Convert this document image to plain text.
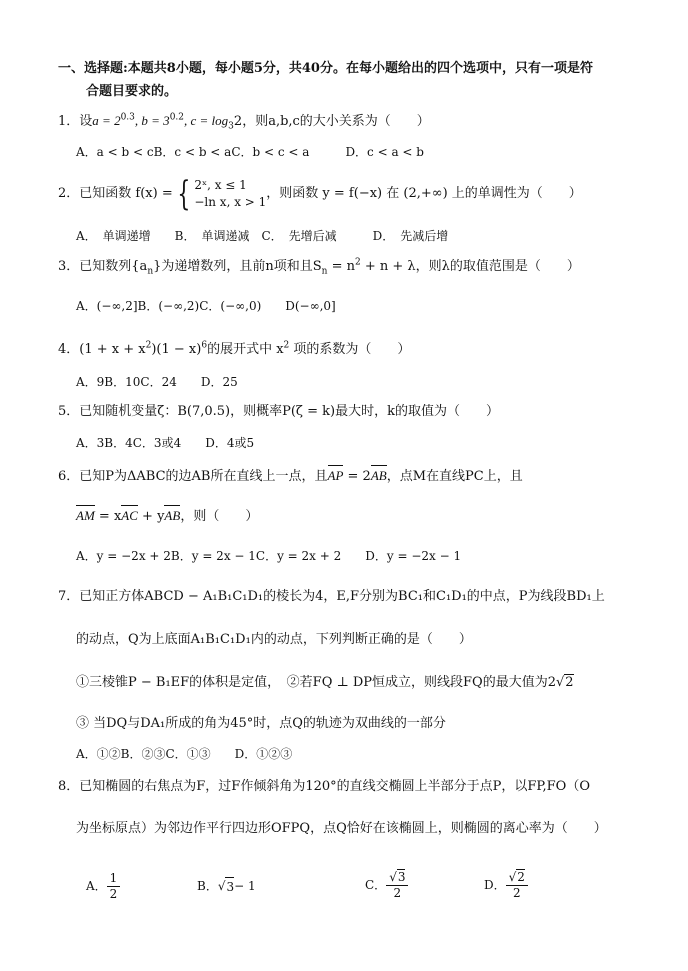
一、选择题:本题共8小题，每小题5分，共40分。在每小题给出的四个选项中，只有一项是符
合题目要求的。
1．设$a = 2^{0.3}$, $b = 3^{0.2}$, $c = \log_32$，则a,b,c的大小关系为（　　）
A．a < b < cB．c < b < aC．b < c < a　　　D．c < a < b
2． 已知函数 f(x) = { 2ˣ, x ≤ 1
−ln x, x > 1
，则函数 y = f(−x) 在 (2,+∞) 上的单调性为（　　）
A．　单调递增　　B．　单调递减　C．　先增后减　　　D．　先减后增
3．已知数列$\{a_n\}$为递增数列，且前n项和且$S_n = n^2 + n + \lambda$，则λ的取值范围是（　　）
A．(−∞,2]B．(−∞,2)C．(−∞,0)　　D(−∞,0]
4．$(1 + x + x^2)(1 - x)^6$的展开式中 $x^2$ 项的系数为（　　）
A．9B．10C．24　　D．25
5．已知随机变量ζ：B(7,0.5)，则概率P(ζ = k)最大时，k的取值为（　　）
A．3B．4C．3或4　　D．4或5
6．已知P为ΔABC的边AB所在直线上一点，且AP = 2AB，点M在直线PC上，且
AM = xAC + yAB，则（　　）
A．y = −2x + 2B．y = 2x − 1C．y = 2x + 2　　D．y = −2x − 1
7．已知正方体ABCD − A₁B₁C₁D₁的棱长为4，E,F分别为BC₁和C₁D₁的中点，P为线段BD₁上
的动点，Q为上底面A₁B₁C₁D₁内的动点，下列判断正确的是（　　）
①三棱锥P − B₁EF的体积是定值，　②若FQ ⊥ DP恒成立，则线段FQ的最大值为2√2
③ 当DQ与DA₁所成的角为45°时，点Q的轨迹为双曲线的一部分
A．①②B．②③C．①③　　D．①②③
8．已知椭圆的右焦点为F，过F作倾斜角为120°的直线交椭圆上半部分于点P，以FP,FO（O
为坐标原点）为邻边作平行四边形OFPQ，点Q恰好在该椭圆上，则椭圆的离心率为（　　）
A． $\frac{1}{2}$	B． √ 3 − 1	C． $\frac{√3}{2}$	D． $\frac{√2}{2}$
